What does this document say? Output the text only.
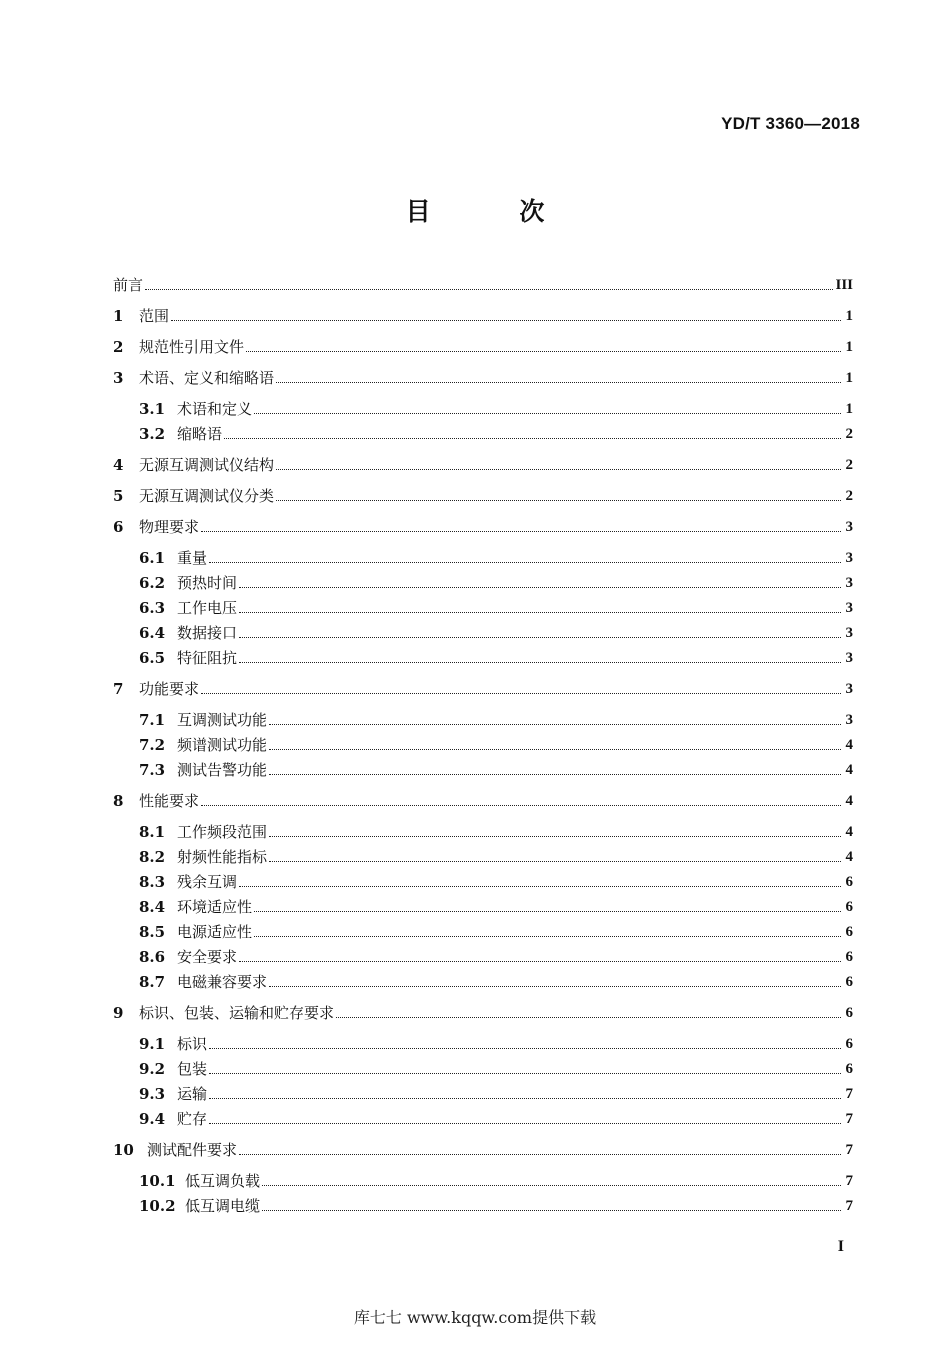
YD/T 3360—2018
目 次
前言	III
1	范围	1
2	规范性引用文件	1
3	术语、定义和缩略语	1
3.1 术语和定义	1
3.2 缩略语	2
4	无源互调测试仪结构	2
5	无源互调测试仪分类	2
6	物理要求	3
6.1 重量	3
6.2 预热时间	3
6.3 工作电压	3
6.4 数据接口	3
6.5 特征阻抗	3
7	功能要求	3
7.1 互调测试功能	3
7.2 频谱测试功能	4
7.3 测试告警功能	4
8	性能要求	4
8.1 工作频段范围	4
8.2 射频性能指标	4
8.3 残余互调	6
8.4 环境适应性	6
8.5 电源适应性	6
8.6 安全要求	6
8.7 电磁兼容要求	6
9	标识、包装、运输和贮存要求	6
9.1 标识	6
9.2 包装	6
9.3 运输	7
9.4 贮存	7
10 测试配件要求	7
10.1 低互调负载	7
10.2 低互调电缆	7
I
库七七 www.kqqw.com提供下载
